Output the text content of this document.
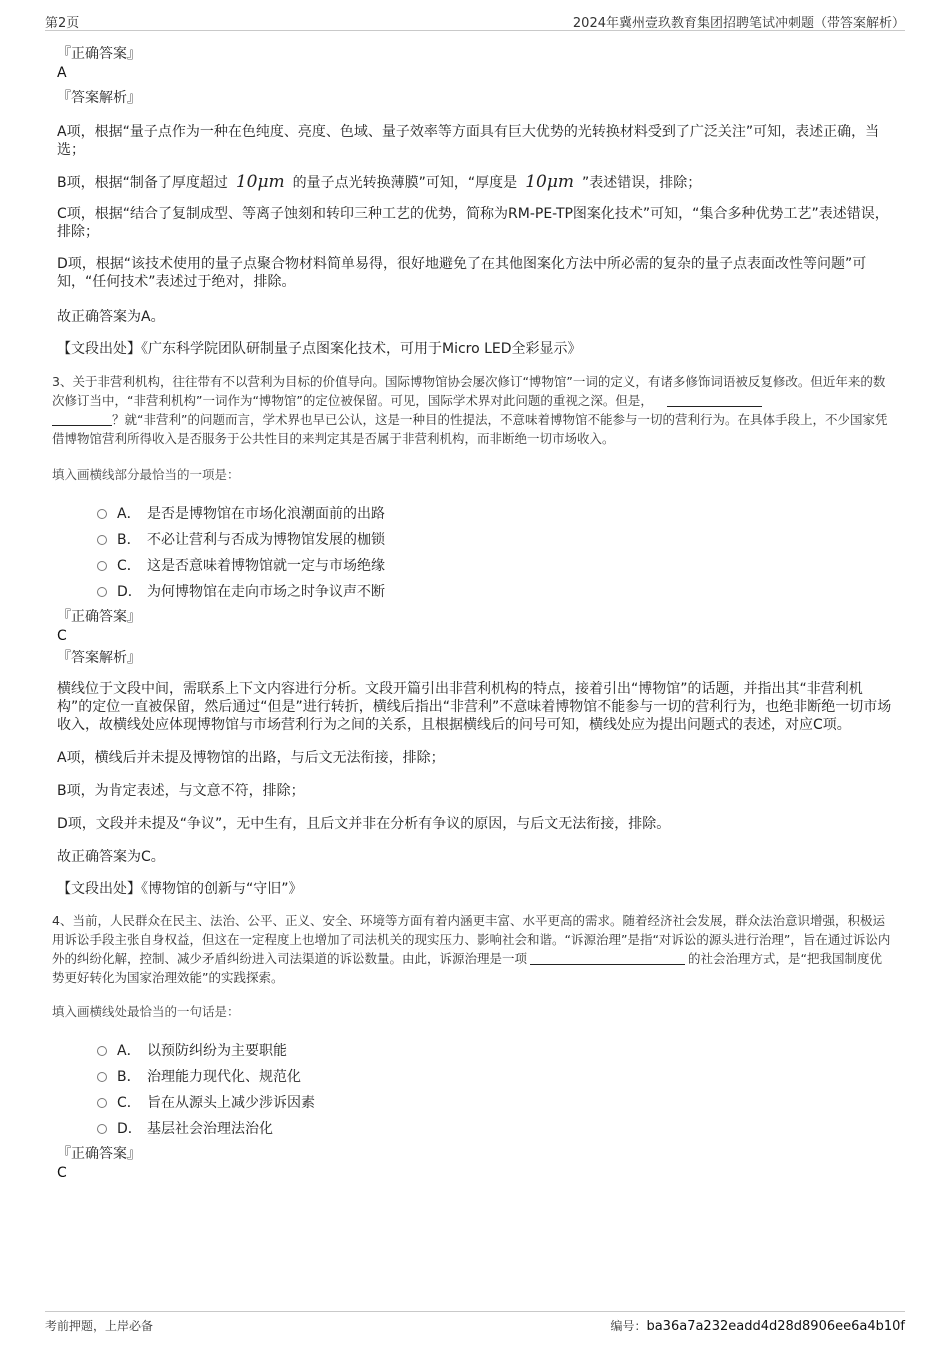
第2页	2024年冀州壹玖教育集团招聘笔试冲刺题（带答案解析）

『正确答案』

A

『答案解析』

A项，根据“量子点作为一种在色纯度、亮度、色域、量子效率等方面具有巨大优势的光转换材料受到了广泛关注”可知，表述正确，当选；

B项，根据“制备了厚度超过 10μm 的量子点光转换薄膜”可知，“厚度是 10μm ”表述错误，排除；

C项，根据“结合了复制成型、等离子蚀刻和转印三种工艺的优势，简称为RM-PE-TP图案化技术”可知，“集合多种优势工艺”表述错误，排除；

D项，根据“该技术使用的量子点聚合物材料简单易得，很好地避免了在其他图案化方法中所必需的复杂的量子点表面改性等问题”可知，“任何技术”表述过于绝对，排除。

故正确答案为A。

【文段出处】《广东科学院团队研制量子点图案化技术，可用于Micro LED全彩显示》

3、关于非营利机构，往往带有不以营利为目标的价值导向。国际博物馆协会屡次修订“博物馆”一词的定义，有诸多修饰词语被反复修改。但近年来的数次修订当中，“非营利机构”一词作为“博物馆”的定位被保留。可见，国际学术界对此问题的重视之深。但是，
？就“非营利”的问题而言，学术界也早已公认，这是一种目的性提法，不意味着博物馆不能参与一切的营利行为。在具体手段上，不少国家凭借博物馆营利所得收入是否服务于公共性目的来判定其是否属于非营利机构，而非断绝一切市场收入。

填入画横线部分最恰当的一项是：

A． 是否是博物馆在市场化浪潮面前的出路
B． 不必让营利与否成为博物馆发展的枷锁
C． 这是否意味着博物馆就一定与市场绝缘
D． 为何博物馆在走向市场之时争议声不断

『正确答案』

C

『答案解析』

横线位于文段中间，需联系上下文内容进行分析。文段开篇引出非营利机构的特点，接着引出“博物馆”的话题，并指出其“非营利机构”的定位一直被保留，然后通过“但是”进行转折，横线后指出“非营利”不意味着博物馆不能参与一切的营利行为，也绝非断绝一切市场收入，故横线处应体现博物馆与市场营利行为之间的关系，且根据横线后的问号可知，横线处应为提出问题式的表述，对应C项。

A项，横线后并未提及博物馆的出路，与后文无法衔接，排除；

B项，为肯定表述，与文意不符，排除；

D项，文段并未提及“争议”，无中生有，且后文并非在分析有争议的原因，与后文无法衔接，排除。

故正确答案为C。

【文段出处】《博物馆的创新与“守旧”》

4、当前，人民群众在民主、法治、公平、正义、安全、环境等方面有着内涵更丰富、水平更高的需求。随着经济社会发展，群众法治意识增强，积极运用诉讼手段主张自身权益，但这在一定程度上也增加了司法机关的现实压力、影响社会和谐。“诉源治理”是指“对诉讼的源头进行治理”，旨在通过诉讼内外的纠纷化解，控制、减少矛盾纠纷进入司法渠道的诉讼数量。由此，诉源治理是一项	的社会治理方式，是“把我国制度优势更好转化为国家治理效能”的实践探索。

填入画横线处最恰当的一句话是：

A． 以预防纠纷为主要职能
B． 治理能力现代化、规范化
C． 旨在从源头上减少涉诉因素
D． 基层社会治理法治化

『正确答案』

C

考前押题，上岸必备	编号：ba36a7a232eadd4d28d8906ee6a4b10f
